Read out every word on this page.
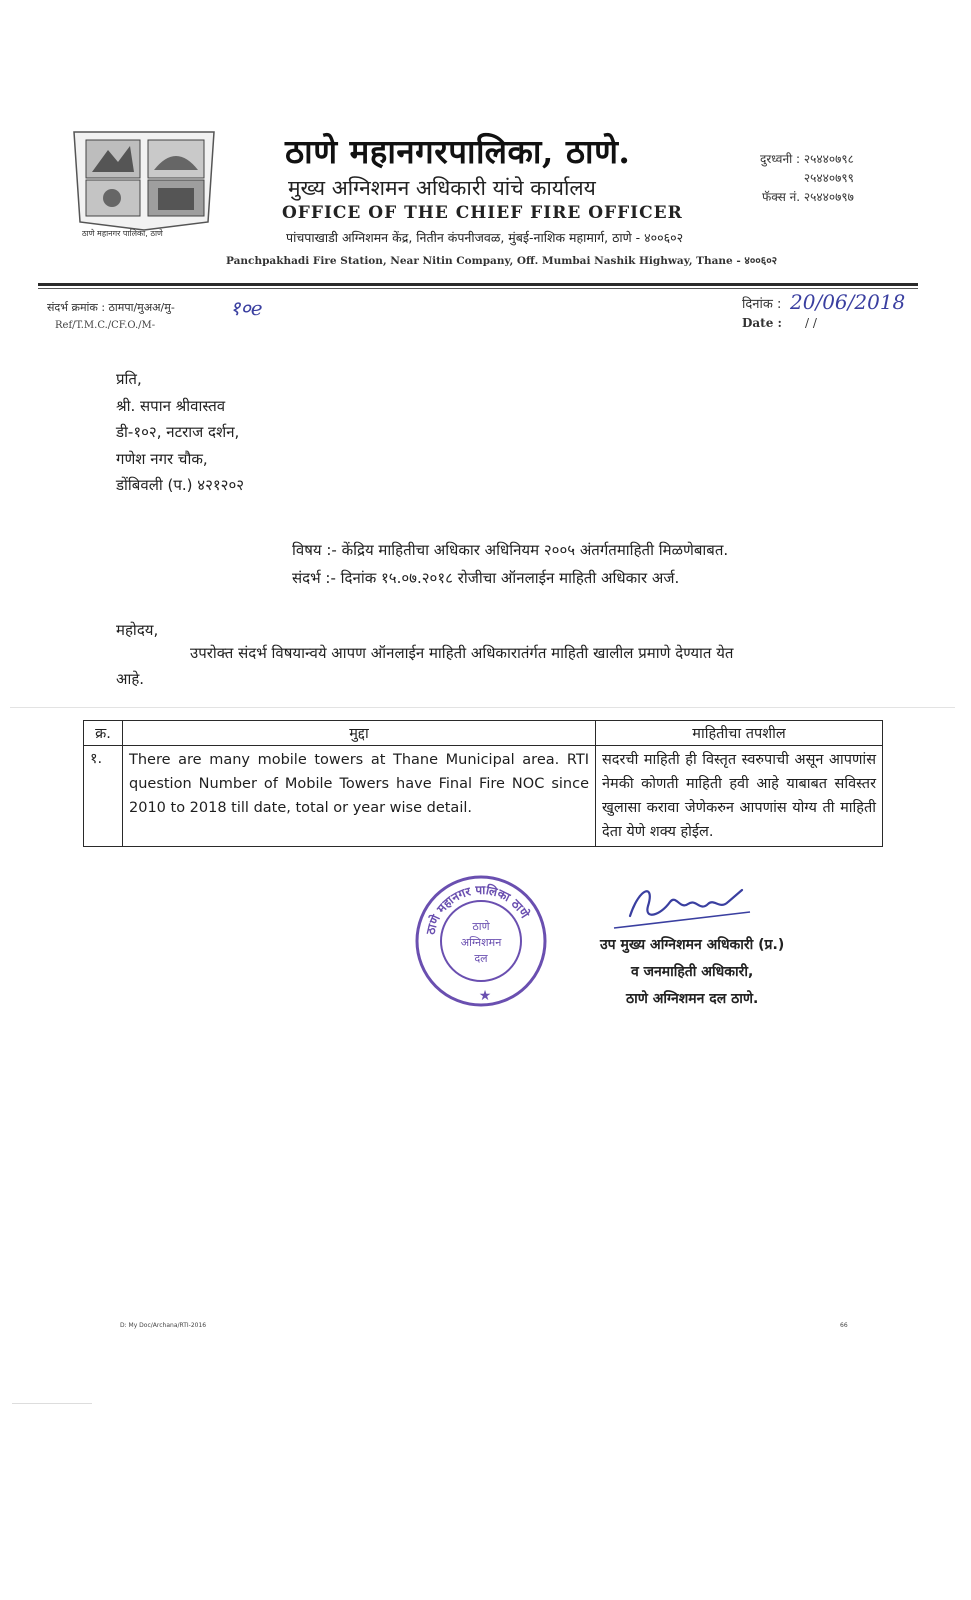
ठाणे महानगर पालिका, ठाणे
ठाणे महानगरपालिका, ठाणे.
मुख्य अग्निशमन अधिकारी यांचे कार्यालय
OFFICE OF THE CHIEF FIRE OFFICER
पांचपाखाडी अग्निशमन केंद्र, नितीन कंपनीजवळ, मुंबई-नाशिक महामार्ग, ठाणे - ४००६०२
Panchpakhadi Fire Station, Near Nitin Company, Off. Mumbai Nashik Highway, Thane - ४००६०२
दुरध्वनी : २५४४०७९८
२५४४०७९९
फॅक्स नं. २५४४०७९७
संदर्भ क्रमांक : ठामपा/मुअअ/मु-	१०e
Ref/T.M.C./CF.O./M-
दिनांक : 20/06/2018
Date : / /
प्रति,
श्री. सपान श्रीवास्तव
डी-१०२, नटराज दर्शन,
गणेश नगर चौक,
डोंबिवली (प.) ४२१२०२
विषय :- केंद्रिय माहितीचा अधिकार अधिनियम २००५ अंतर्गतमाहिती मिळणेबाबत.
संदर्भ :- दिनांक १५.०७.२०१८ रोजीचा ऑनलाईन माहिती अधिकार अर्ज.
महोदय,
उपरोक्त संदर्भ विषयान्वये आपण ऑनलाईन माहिती अधिकारातंर्गत माहिती खालील प्रमाणे देण्यात येत
आहे.
क्र.	मुद्दा	माहितीचा तपशील
१.	There are many mobile towers at Thane Municipal area. RTI question Number of Mobile Towers have Final Fire NOC since 2010 to 2018 till date, total or year wise detail.	सदरची माहिती ही विस्तृत स्वरुपाची असून आपणांस नेमकी कोणती माहिती हवी आहे याबाबत सविस्तर खुलासा करावा जेणेकरुन आपणांस योग्य ती माहिती देता येणे शक्य होईल.
ठाणे महानगर पालिका ठाणे
ठाणे
अग्निशमन
दल
★
उप मुख्य अग्निशमन अधिकारी (प्र.)
व जनमाहिती अधिकारी,
ठाणे अग्निशमन दल ठाणे.
D: My Doc/Archana/RTI-2016	66
